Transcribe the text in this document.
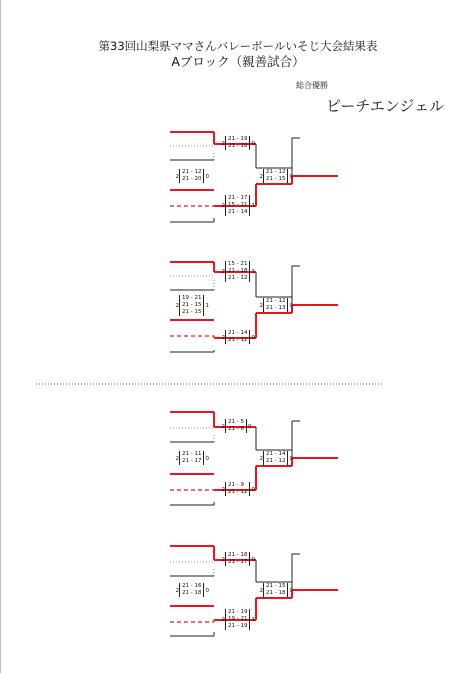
第33回山梨県ママさんバレーボールいそじ大会結果表
Aブロック（親善試合）
総合優勝
ピーチエンジェル
2
21 - 19
21 - 18 0
2
21 - 17
15 - 21
21 - 14
1
2
21 - 12
21 - 20 0	2
21 - 12
21 - 15 0
2
15 - 21
21 - 18
21 - 12
1
2
21 - 14
21 - 12 0
2
19 - 21
21 - 15
21 - 15
1	2
21 - 12
21 - 13 0
2
21 - 5
21 - 8 0
2
21 - 9
21 - 12 0
2
21 - 11
21 - 17 0	2
21 - 14
21 - 12 0
2
21 - 18
21 - 17 0
2
21 - 19
19 - 21
21 - 19
1
2
21 - 16
21 - 18 0	2
21 - 15
21 - 18 0
